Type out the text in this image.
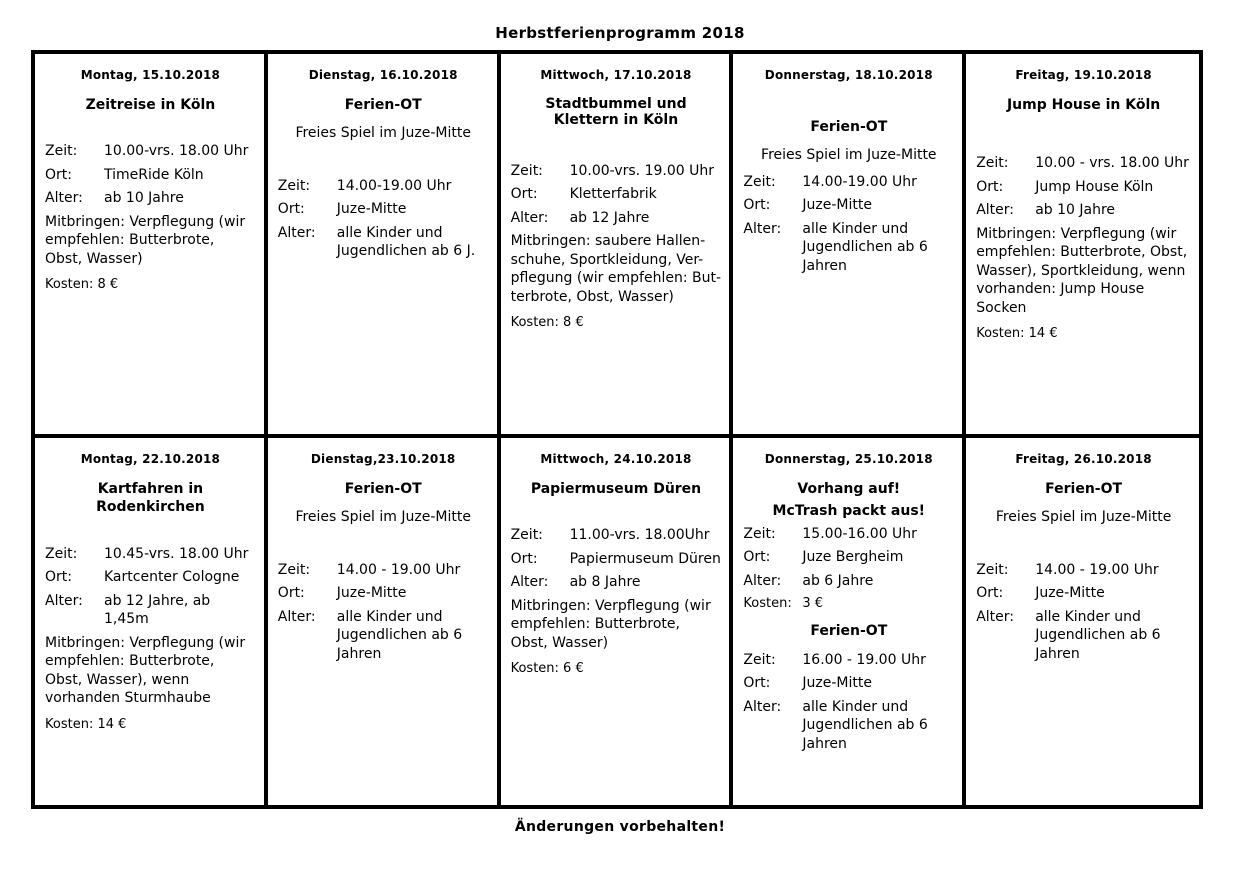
Herbstferienprogramm 2018
Montag, 15.10.2018
Zeitreise in Köln
Zeit:	10.00-vrs. 18.00 Uhr
Ort:	TimeRide Köln
Alter:	ab 10 Jahre
Mitbringen: Verpflegung (wir empfehlen: Butterbrote, Obst, Wasser)
Kosten: 8 €
Dienstag, 16.10.2018
Ferien-OT
Freies Spiel im Juze-Mitte
Zeit:	14.00-19.00 Uhr
Ort:	Juze-Mitte
Alter:	alle Kinder und Jugendlichen ab 6 J.
Mittwoch, 17.10.2018
Stadtbummel und Klettern in Köln
Zeit:	10.00-vrs. 19.00 Uhr
Ort:	Kletterfabrik
Alter:	ab 12 Jahre
Mitbringen: saubere Hallen-schuhe, Sportkleidung, Ver-pflegung (wir empfehlen: But-terbrote, Obst, Wasser)
Kosten: 8 €
Donnerstag, 18.10.2018
Ferien-OT
Freies Spiel im Juze-Mitte
Zeit:	14.00-19.00 Uhr
Ort:	Juze-Mitte
Alter:	alle Kinder und Jugendlichen ab 6 Jahren
Freitag, 19.10.2018
Jump House in Köln
Zeit:	10.00 - vrs. 18.00 Uhr
Ort:	Jump House Köln
Alter:	ab 10 Jahre
Mitbringen: Verpflegung (wir empfehlen: Butterbrote, Obst, Wasser), Sportkleidung, wenn vorhanden: Jump House Socken
Kosten: 14 €
Montag, 22.10.2018
Kartfahren in Rodenkirchen
Zeit:	10.45-vrs. 18.00 Uhr
Ort:	Kartcenter Cologne
Alter:	ab 12 Jahre, ab 1,45m
Mitbringen: Verpflegung (wir empfehlen: Butterbrote, Obst, Wasser), wenn vorhanden Sturmhaube
Kosten: 14 €
Dienstag,23.10.2018
Ferien-OT
Freies Spiel im Juze-Mitte
Zeit:	14.00 - 19.00 Uhr
Ort:	Juze-Mitte
Alter:	alle Kinder und Jugendlichen ab 6 Jahren
Mittwoch, 24.10.2018
Papiermuseum Düren
Zeit:	11.00-vrs. 18.00Uhr
Ort:	Papiermuseum Düren
Alter:	ab 8 Jahre
Mitbringen: Verpflegung (wir empfehlen: Butterbrote, Obst, Wasser)
Kosten: 6 €
Donnerstag, 25.10.2018
Vorhang auf!
McTrash packt aus!
Zeit:	15.00-16.00 Uhr
Ort:	Juze Bergheim
Alter:	ab 6 Jahre
Kosten: 3 €
Ferien-OT
Zeit:	16.00 - 19.00 Uhr
Ort:	Juze-Mitte
Alter:	alle Kinder und Jugendlichen ab 6 Jahren
Freitag, 26.10.2018
Ferien-OT
Freies Spiel im Juze-Mitte
Zeit:	14.00 - 19.00 Uhr
Ort:	Juze-Mitte
Alter:	alle Kinder und Jugendlichen ab 6 Jahren
Änderungen vorbehalten!
